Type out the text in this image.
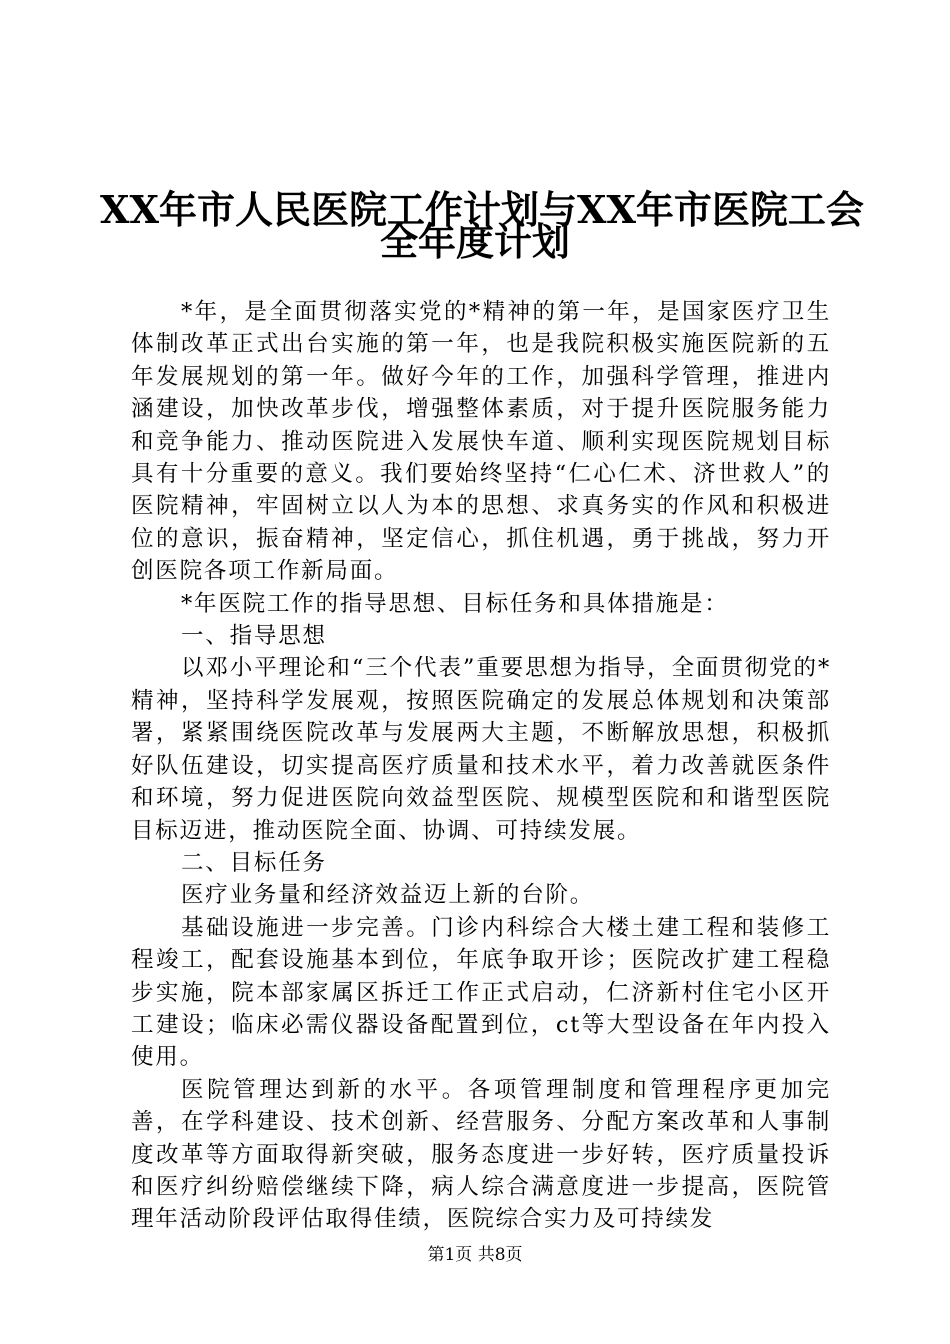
XX年市人民医院工作计划与XX年市医院工会
全年度计划

*年，是全面贯彻落实党的*精神的第一年，是国家医疗卫生体制改革正式出台实施的第一年，也是我院积极实施医院新的五年发展规划的第一年。做好今年的工作，加强科学管理，推进内涵建设，加快改革步伐，增强整体素质，对于提升医院服务能力和竞争能力、推动医院进入发展快车道、顺利实现医院规划目标具有十分重要的意义。我们要始终坚持“仁心仁术、济世救人”的医院精神，牢固树立以人为本的思想、求真务实的作风和积极进位的意识，振奋精神，坚定信心，抓住机遇，勇于挑战，努力开创医院各项工作新局面。

*年医院工作的指导思想、目标任务和具体措施是：

一、指导思想

以邓小平理论和“三个代表”重要思想为指导，全面贯彻党的*精神，坚持科学发展观，按照医院确定的发展总体规划和决策部署，紧紧围绕医院改革与发展两大主题，不断解放思想，积极抓好队伍建设，切实提高医疗质量和技术水平，着力改善就医条件和环境，努力促进医院向效益型医院、规模型医院和和谐型医院目标迈进，推动医院全面、协调、可持续发展。

二、目标任务

医疗业务量和经济效益迈上新的台阶。

基础设施进一步完善。门诊内科综合大楼土建工程和装修工程竣工，配套设施基本到位，年底争取开诊；医院改扩建工程稳步实施，院本部家属区拆迁工作正式启动，仁济新村住宅小区开工建设；临床必需仪器设备配置到位，ct等大型设备在年内投入使用。

医院管理达到新的水平。各项管理制度和管理程序更加完善，在学科建设、技术创新、经营服务、分配方案改革和人事制度改革等方面取得新突破，服务态度进一步好转，医疗质量投诉和医疗纠纷赔偿继续下降，病人综合满意度进一步提高，医院管理年活动阶段评估取得佳绩，医院综合实力及可持续发

第1页 共8页
